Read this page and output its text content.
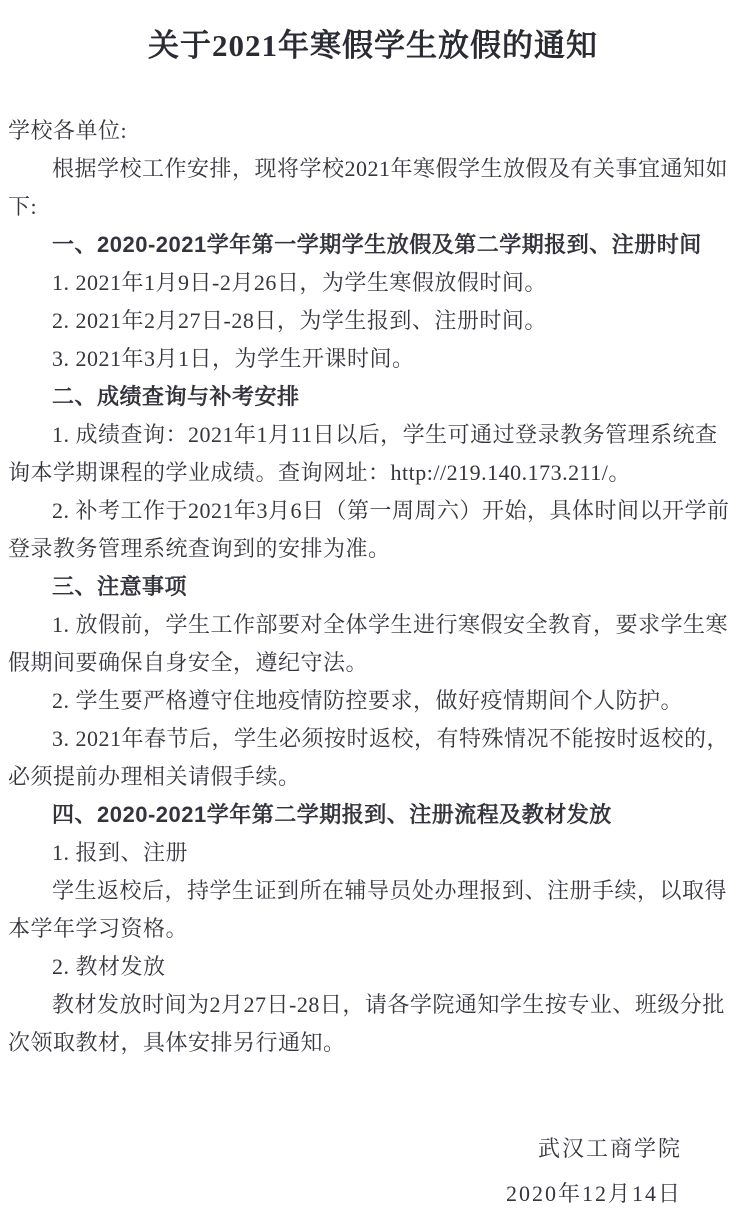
关于2021年寒假学生放假的通知

学校各单位:

根据学校工作安排，现将学校2021年寒假学生放假及有关事宜通知如下:

一、2020-2021学年第一学期学生放假及第二学期报到、注册时间

1. 2021年1月9日-2月26日，为学生寒假放假时间。

2. 2021年2月27日-28日，为学生报到、注册时间。

3. 2021年3月1日，为学生开课时间。

二、成绩查询与补考安排

1. 成绩查询：2021年1月11日以后，学生可通过登录教务管理系统查询本学期课程的学业成绩。查询网址：http://219.140.173.211/。

2. 补考工作于2021年3月6日（第一周周六）开始，具体时间以开学前登录教务管理系统查询到的安排为准。

三、注意事项

1. 放假前，学生工作部要对全体学生进行寒假安全教育，要求学生寒假期间要确保自身安全，遵纪守法。

2. 学生要严格遵守住地疫情防控要求，做好疫情期间个人防护。

3. 2021年春节后，学生必须按时返校，有特殊情况不能按时返校的，必须提前办理相关请假手续。

四、2020-2021学年第二学期报到、注册流程及教材发放

1. 报到、注册

学生返校后，持学生证到所在辅导员处办理报到、注册手续，以取得本学年学习资格。

2. 教材发放

教材发放时间为2月27日-28日，请各学院通知学生按专业、班级分批次领取教材，具体安排另行通知。

武汉工商学院

2020年12月14日
